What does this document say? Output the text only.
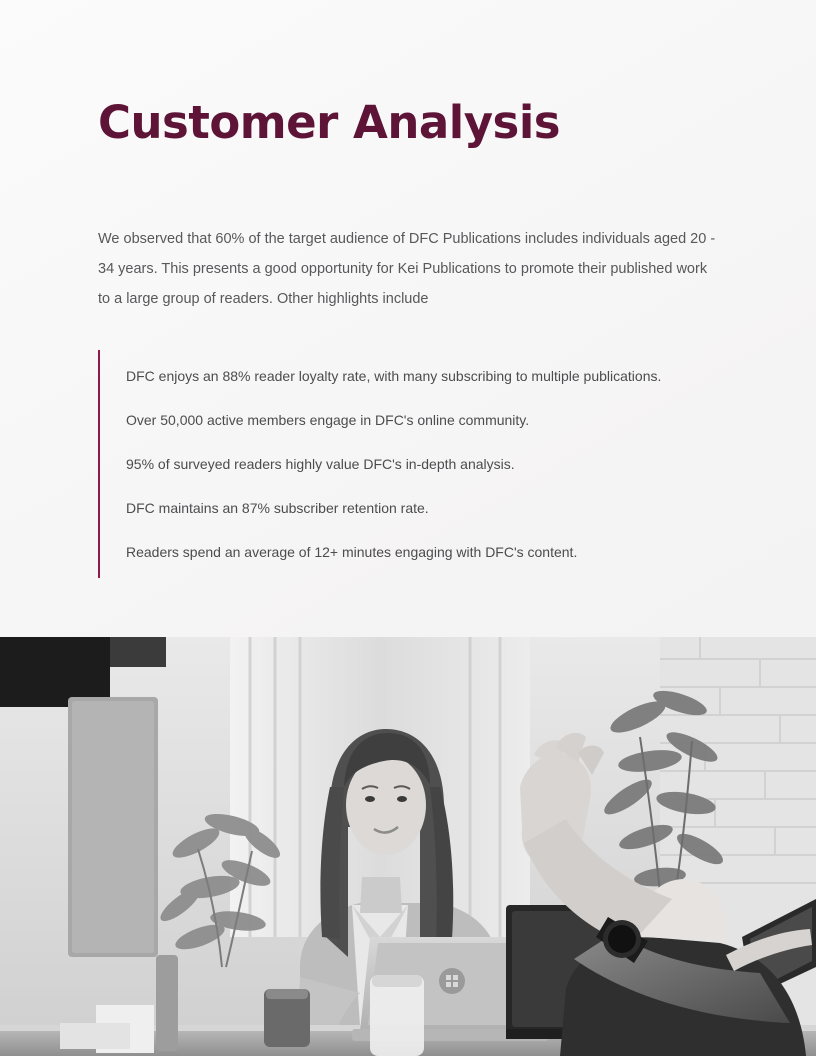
Customer Analysis

We observed that 60% of the target audience of DFC Publications includes individuals aged 20 - 34 years. This presents a good opportunity for Kei Publications to promote their published work to a large group of readers. Other highlights include

DFC enjoys an 88% reader loyalty rate, with many subscribing to multiple publications.
Over 50,000 active members engage in DFC's online community.
95% of surveyed readers highly value DFC's in-depth analysis.
DFC maintains an 87% subscriber retention rate.
Readers spend an average of 12+ minutes engaging with DFC's content.
